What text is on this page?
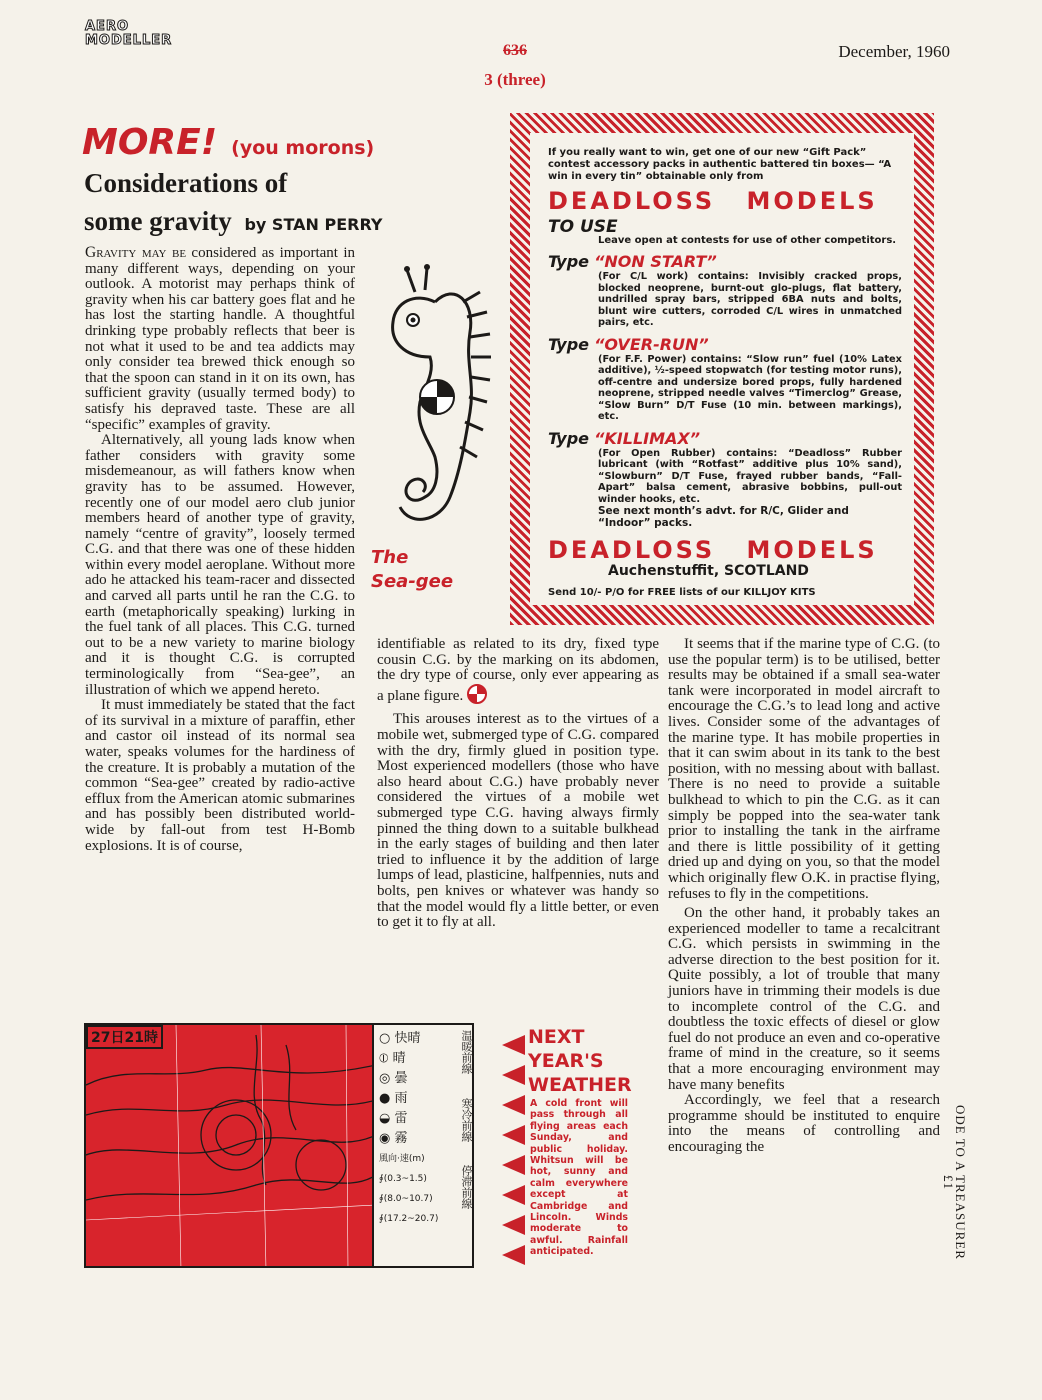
AERO
MODELLER
636
3 (three)
December, 1960
MORE! (you morons)
Considerations of
some gravity by STAN PERRY

Gravity may be considered as important in many different ways, depending on your outlook. A motorist may perhaps think of gravity when his car battery goes flat and he has lost the starting handle. A thoughtful drinking type probably reflects that beer is not what it used to be and tea addicts may only consider tea brewed thick enough so that the spoon can stand in it on its own, has sufficient gravity (usually termed body) to satisfy his depraved taste. These are all “specific” examples of gravity.

Alternatively, all young lads know when father considers with gravity some misdemeanour, as will fathers know when gravity has to be assumed. However, recently one of our model aero club junior members heard of another type of gravity, namely “centre of gravity”, loosely termed C.G. and that there was one of these hidden within every model aeroplane. Without more ado he attacked his team-racer and dissected and carved all parts until he ran the C.G. to earth (metaphorically speaking) lurking in the fuel tank of all places. This C.G. turned out to be a new variety to marine biology and it is thought C.G. is corrupted terminologically from “Sea-gee”, an illustration of which we append hereto.

It must immediately be stated that the fact of its survival in a mixture of paraffin, ether and castor oil instead of its normal sea water, speaks volumes for the hardiness of the creature. It is probably a mutation of the common “Sea-gee” created by radio-active efflux from the American atomic submarines and has possibly been distributed world-wide by fall-out from test H-Bomb explosions. It is of course,

The
Sea-gee
If you really want to win, get one of our new “Gift Pack” contest accessory packs in authentic battered tin boxes— “A win in every tin” obtainable only from
DEADLOSS MODELS
TO USE
Leave open at contests for use of other competitors.
Type “NON START”
(For C/L work) contains: Invisibly cracked props, blocked neoprene, burnt-out glo-plugs, flat battery, undrilled spray bars, stripped 6BA nuts and bolts, blunt wire cutters, corroded C/L wires in unmatched pairs, etc.
Type “OVER-RUN”
(For F.F. Power) contains: “Slow run” fuel (10% Latex additive), ½-speed stopwatch (for testing motor runs), off-centre and undersize bored props, fully hardened neoprene, stripped needle valves “Timerclog” Grease, “Slow Burn” D/T Fuse (10 min. between markings), etc.
Type “KILLIMAX”
(For Open Rubber) contains: “Deadloss” Rubber lubricant (with “Rotfast” additive plus 10% sand), “Slowburn” D/T Fuse, frayed rubber bands, “Fall-Apart” balsa cement, abrasive bobbins, pull-out winder hooks, etc.
See next month’s advt. for R/C, Glider and “Indoor” packs.
DEADLOSS MODELS
Auchenstuffit, SCOTLAND
Send 10/- P/O for FREE lists of our KILLJOY KITS

identifiable as related to its dry, fixed type cousin C.G. by the marking on its abdomen, the dry type of course, only ever appearing as a plane figure.

This arouses interest as to the virtues of a mobile wet, submerged type of C.G. compared with the dry, firmly glued in position type. Most experienced modellers (those who have also heard about C.G.) have probably never considered the virtues of a mobile wet submerged type C.G. having always firmly pinned the thing down to a suitable bulkhead in the early stages of building and then later tried to influence it by the addition of large lumps of lead, plasticine, halfpennies, nuts and bolts, pen knives or whatever was handy so that the model would fly a little better, or even to get it to fly at all.

It seems that if the marine type of C.G. (to use the popular term) is to be utilised, better results may be obtained if a small sea-water tank were incorporated in model aircraft to encourage the C.G.’s to lead long and active lives. Consider some of the advantages of the marine type. It has mobile properties in that it can swim about in its tank to the best position, with no messing about with ballast. There is no need to provide a suitable bulkhead to which to pin the C.G. as it can simply be popped into the sea-water tank prior to installing the tank in the airframe and there is little possibility of it getting dried up and dying on you, so that the model which originally flew O.K. in practise flying, refuses to fly in the competitions.

On the other hand, it probably takes an experienced modeller to tame a recalcitrant C.G. which persists in swimming in the adverse direction to the best position for it. Quite possibly, a lot of trouble that many juniors have in trimming their models is due to incomplete control of the C.G. and doubtless the toxic effects of diesel or glow fuel do not produce an even and co-operative frame of mind in the creature, so it seems that a more encouraging environment may have many benefits

Accordingly, we feel that a research programme should be instituted to enquire into the means of controlling and encouraging the

27日21時	○ 快晴
⦶ 晴
◎ 曇
● 雨
◒ 雷
◉ 霧
風向·速(m)
∮(0.3~1.5)
∮(8.0~10.7)
∮(17.2~20.7)
温暖前線 寒冷前線 停滞前線
NEXT
YEAR'S
WEATHER
A cold front will pass through all flying areas each Sunday, and public holiday. Whitsun will be hot, sunny and calm everywhere except at Cambridge and Lincoln. Winds moderate to awful. Rainfall anticipated.	ODE TO A TREASURER
£1
